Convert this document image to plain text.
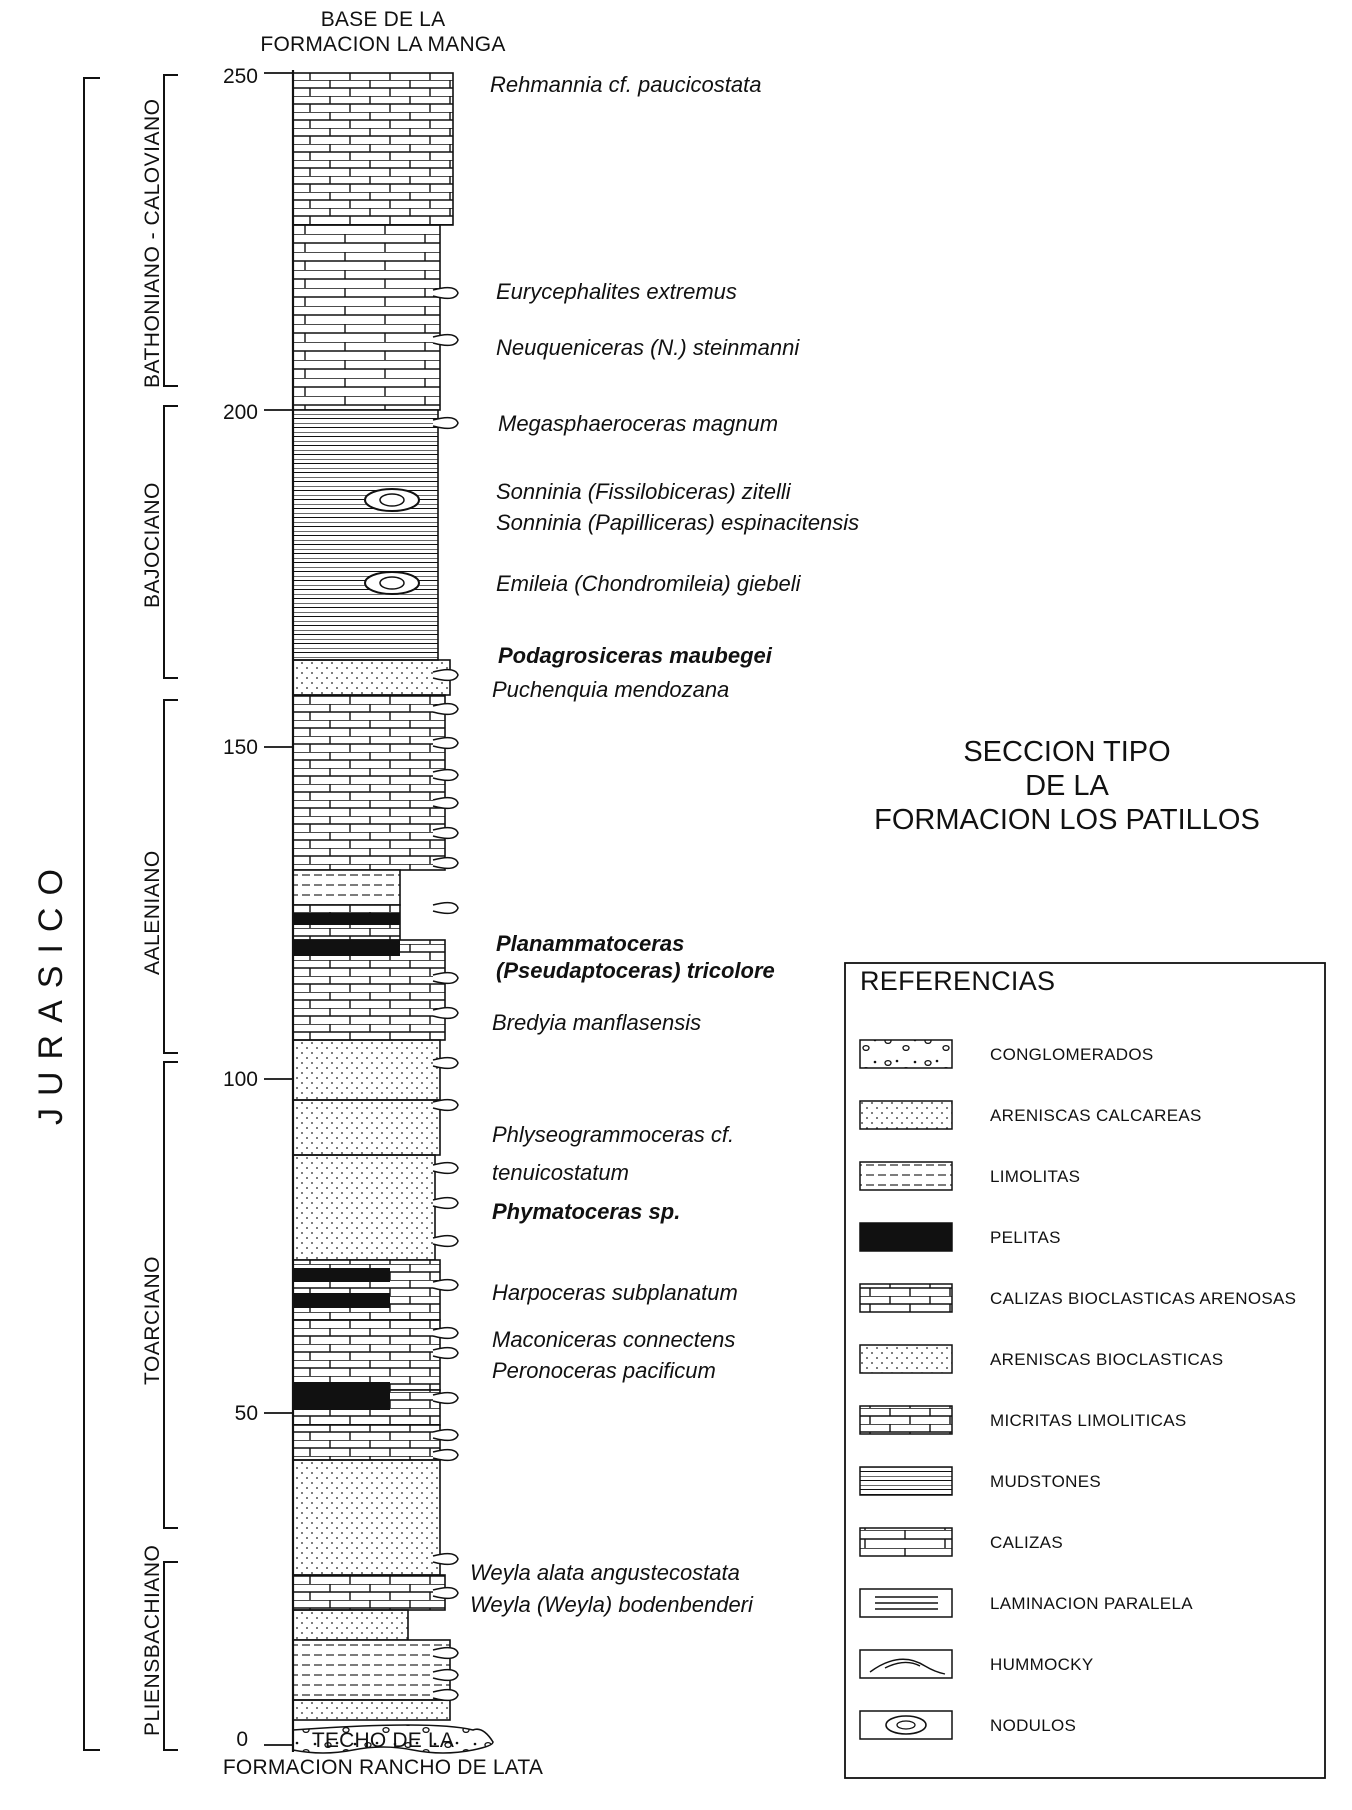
BASE DE LA
FORMACION LA MANGA
TECHO DE LA
FORMACION RANCHO DE LATA
250
200
150
100
50
0
JURASICO
BATHONIANO - CALOVIANO
BAJOCIANO
AALENIANO
TOARCIANO
PLIENSBACHIANO
Rehmannia cf. paucicostata
Eurycephalites extremus
Neuqueniceras (N.) steinmanni
Megasphaeroceras magnum
Sonninia (Fissilobiceras) zitelli
Sonninia (Papilliceras) espinacitensis
Emileia (Chondromileia) giebeli
Podagrosiceras maubegei
Puchenquia mendozana
Planammatoceras
(Pseudaptoceras) tricolore
Bredyia manflasensis
Phlyseogrammoceras cf.
tenuicostatum
Phymatoceras sp.
Harpoceras subplanatum
Maconiceras connectens
Peronoceras pacificum
Weyla alata angustecostata
Weyla (Weyla) bodenbenderi
SECCION TIPO
DE LA
FORMACION LOS PATILLOS
REFERENCIAS
CONGLOMERADOS
ARENISCAS CALCAREAS
LIMOLITAS
PELITAS
CALIZAS BIOCLASTICAS ARENOSAS
ARENISCAS BIOCLASTICAS
MICRITAS LIMOLITICAS
MUDSTONES
CALIZAS
LAMINACION PARALELA
HUMMOCKY
NODULOS
